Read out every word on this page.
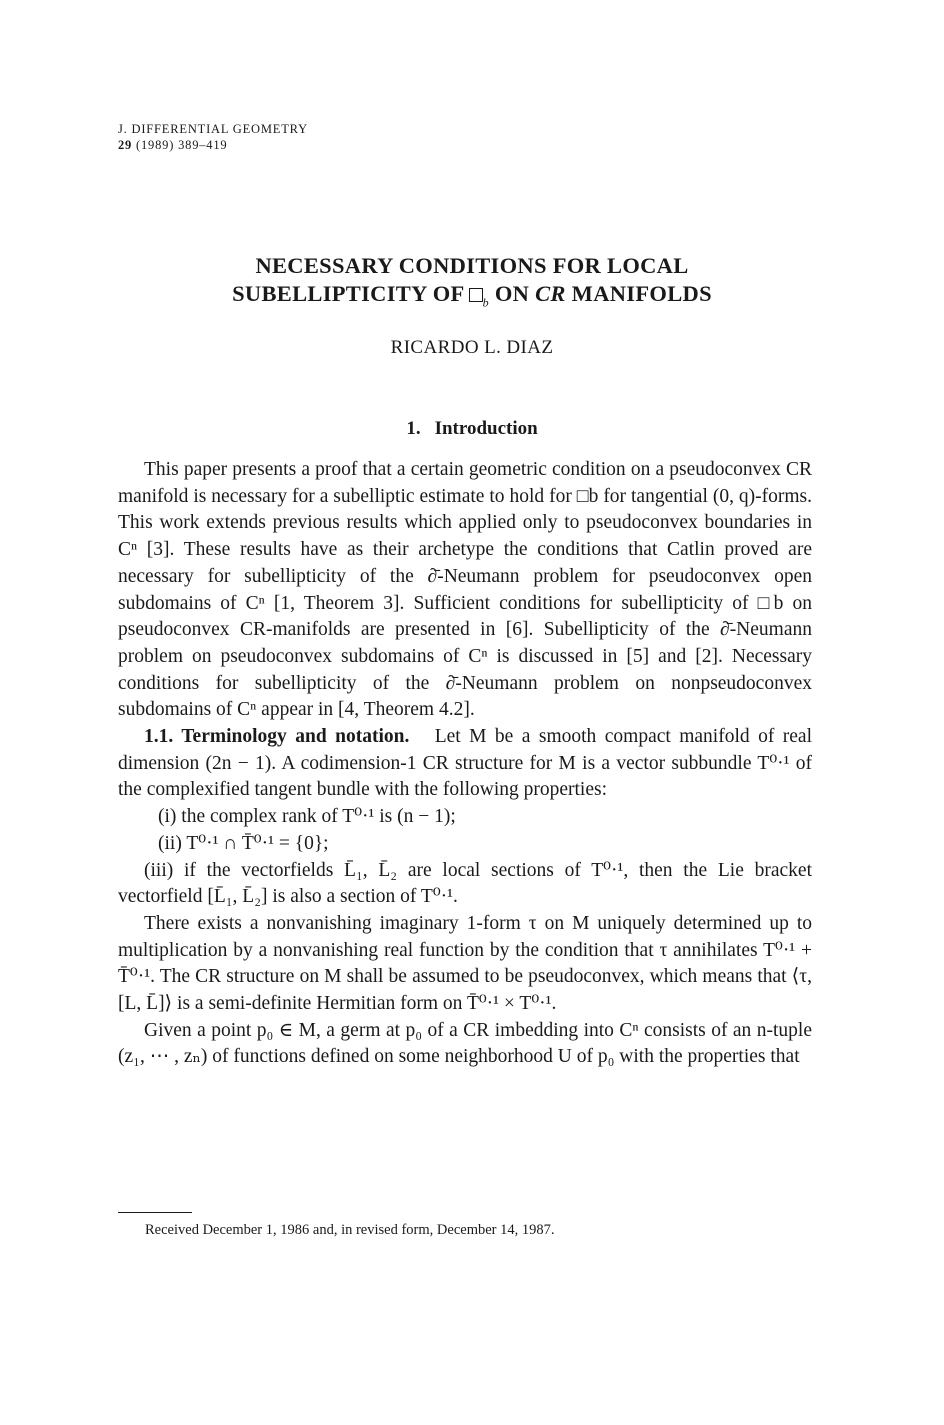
J. DIFFERENTIAL GEOMETRY
29 (1989) 389–419
NECESSARY CONDITIONS FOR LOCAL
SUBELLIPTICITY OF $_b$ ON CR MANIFOLDS
RICARDO L. DIAZ
1. Introduction

This paper presents a proof that a certain geometric condition on a pseudoconvex CR manifold is necessary for a subelliptic estimate to hold for □b for tangential (0, q)-forms. This work extends previous results which applied only to pseudoconvex boundaries in Cⁿ [3]. These results have as their archetype the conditions that Catlin proved are necessary for subellipticity of the ∂̄-Neumann problem for pseudoconvex open subdomains of Cⁿ [1, Theorem 3]. Sufficient conditions for subellipticity of □b on pseudoconvex CR-manifolds are presented in [6]. Subellipticity of the ∂̄-Neumann problem on pseudoconvex subdomains of Cⁿ is discussed in [5] and [2]. Necessary conditions for subellipticity of the ∂̄-Neumann problem on nonpseudoconvex subdomains of Cⁿ appear in [4, Theorem 4.2].

1.1. Terminology and notation. Let M be a smooth compact manifold of real dimension (2n − 1). A codimension-1 CR structure for M is a vector subbundle T⁰·¹ of the complexified tangent bundle with the following properties:

(i) the complex rank of T⁰·¹ is (n − 1);

(ii) T⁰·¹ ∩ T̄⁰·¹ = {0};

(iii) if the vectorfields L̄₁, L̄₂ are local sections of T⁰·¹, then the Lie bracket vectorfield [L̄₁, L̄₂] is also a section of T⁰·¹.

There exists a nonvanishing imaginary 1-form τ on M uniquely determined up to multiplication by a nonvanishing real function by the condition that τ annihilates T⁰·¹ + T̄⁰·¹. The CR structure on M shall be assumed to be pseudoconvex, which means that ⟨τ, [L, L̄]⟩ is a semi-definite Hermitian form on T̄⁰·¹ × T⁰·¹.

Given a point p₀ ∈ M, a germ at p₀ of a CR imbedding into Cⁿ consists of an n-tuple (z₁, ⋯ , zₙ) of functions defined on some neighborhood U of p₀ with the properties that

Received December 1, 1986 and, in revised form, December 14, 1987.
